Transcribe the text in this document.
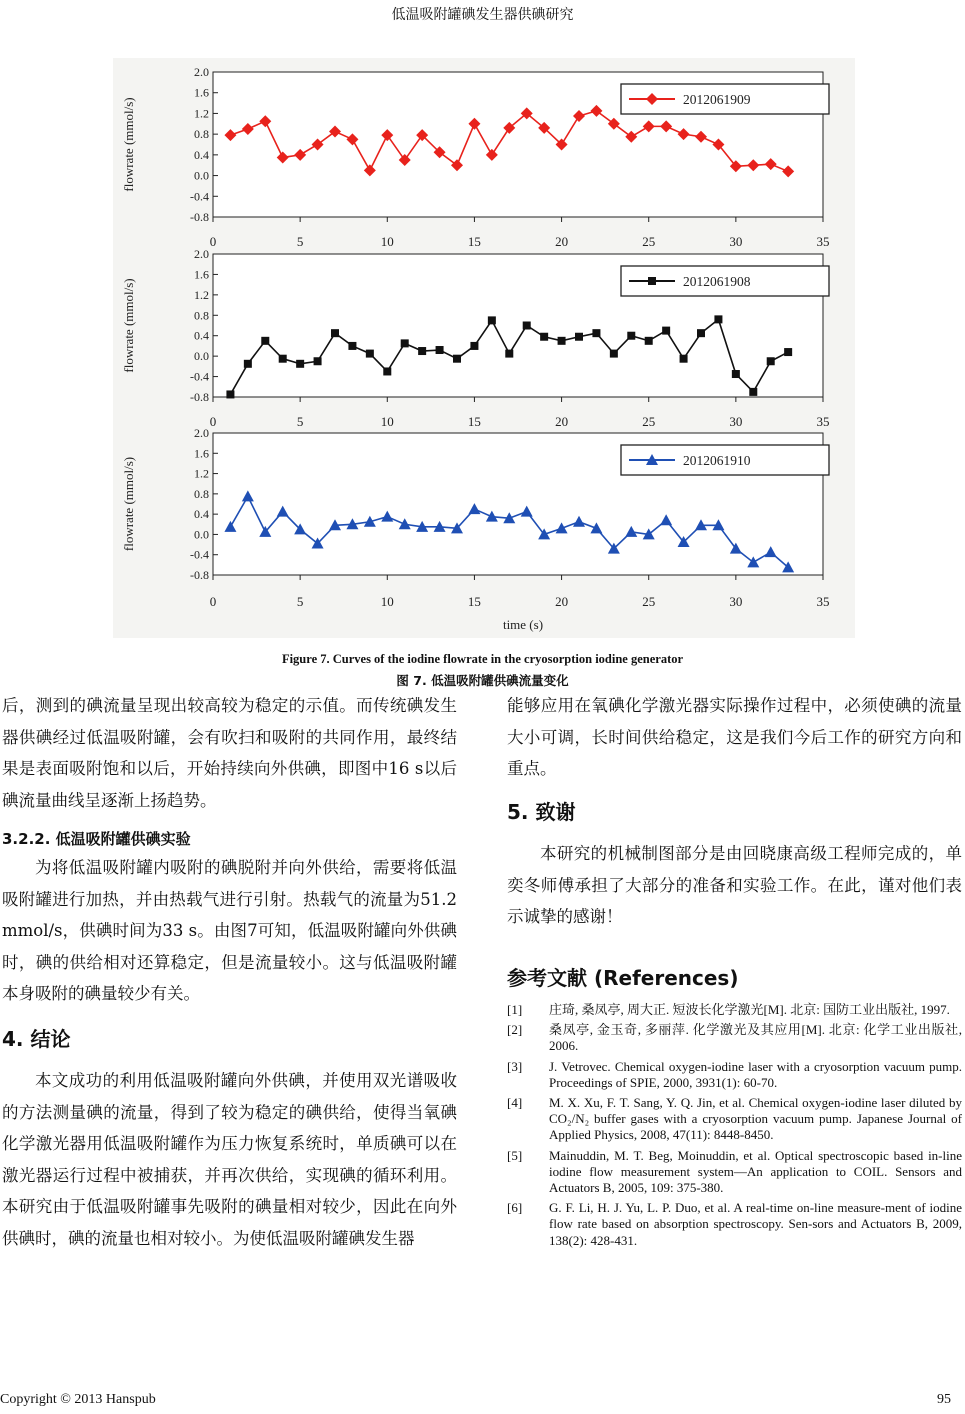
低温吸附罐碘发生器供碘研究
2.0
1.6
1.2
0.8
0.4
0.0
-0.4
-0.8
0	5	10	15	20	25	30	35
flowrate (mmol/s)	2012061909
2.0
1.6
1.2
0.8
0.4
0.0
-0.4
-0.8
0	5	10	15	20	25	30	35
flowrate (mmol/s)	2012061908
2.0
1.6
1.2
0.8
0.4
0.0
-0.4
-0.8
0	5	10	15	20	25	30	35
flowrate (mmol/s)
time (s)
2012061910
Figure 7. Curves of the iodine flowrate in the cryosorption iodine generator
图 7. 低温吸附罐供碘流量变化

后，测到的碘流量呈现出较高较为稳定的示值。而传统碘发生器供碘经过低温吸附罐，会有吹扫和吸附的共同作用，最终结果是表面吸附饱和以后，开始持续向外供碘，即图中16 s以后碘流量曲线呈逐渐上扬趋势。

3.2.2. 低温吸附罐供碘实验

为将低温吸附罐内吸附的碘脱附并向外供给，需要将低温吸附罐进行加热，并由热载气进行引射。热载气的流量为51.2 mmol/s，供碘时间为33 s。由图7可知，低温吸附罐向外供碘时，碘的供给相对还算稳定，但是流量较小。这与低温吸附罐本身吸附的碘量较少有关。

4. 结论

本文成功的利用低温吸附罐向外供碘，并使用双光谱吸收的方法测量碘的流量，得到了较为稳定的碘供给，使得当氧碘化学激光器用低温吸附罐作为压力恢复系统时，单质碘可以在激光器运行过程中被捕获，并再次供给，实现碘的循环利用。本研究由于低温吸附罐事先吸附的碘量相对较少，因此在向外供碘时，碘的流量也相对较小。为使低温吸附罐碘发生器

能够应用在氧碘化学激光器实际操作过程中，必须使碘的流量大小可调，长时间供给稳定，这是我们今后工作的研究方向和重点。

5. 致谢

本研究的机械制图部分是由回晓康高级工程师完成的，单奕冬师傅承担了大部分的准备和实验工作。在此，谨对他们表示诚挚的感谢！

参考文献 (References)
[1]	庄琦, 桑凤亭, 周大正. 短波长化学激光[M]. 北京: 国防工业出版社, 1997.
[2]	桑凤亭, 金玉奇, 多丽萍. 化学激光及其应用[M]. 北京: 化学工业出版社, 2006.
[3]	J. Vetrovec. Chemical oxygen-iodine laser with a cryosorption vacuum pump. Proceedings of SPIE, 2000, 3931(1): 60-70.
[4]	M. X. Xu, F. T. Sang, Y. Q. Jin, et al. Chemical oxygen-iodine laser diluted by CO₂/N₂ buffer gases with a cryosorption vacuum pump. Japanese Journal of Applied Physics, 2008, 47(11): 8448-8450.
[5]	Mainuddin, M. T. Beg, Moinuddin, et al. Optical spectroscopic based in-line iodine flow measurement system—An application to COIL. Sensors and Actuators B, 2005, 109: 375-380.
[6]	G. F. Li, H. J. Yu, L. P. Duo, et al. A real-time on-line measure-ment of iodine flow rate based on absorption spectroscopy. Sen-sors and Actuators B, 2009, 138(2): 428-431.
Copyright © 2013 Hanspub	95
